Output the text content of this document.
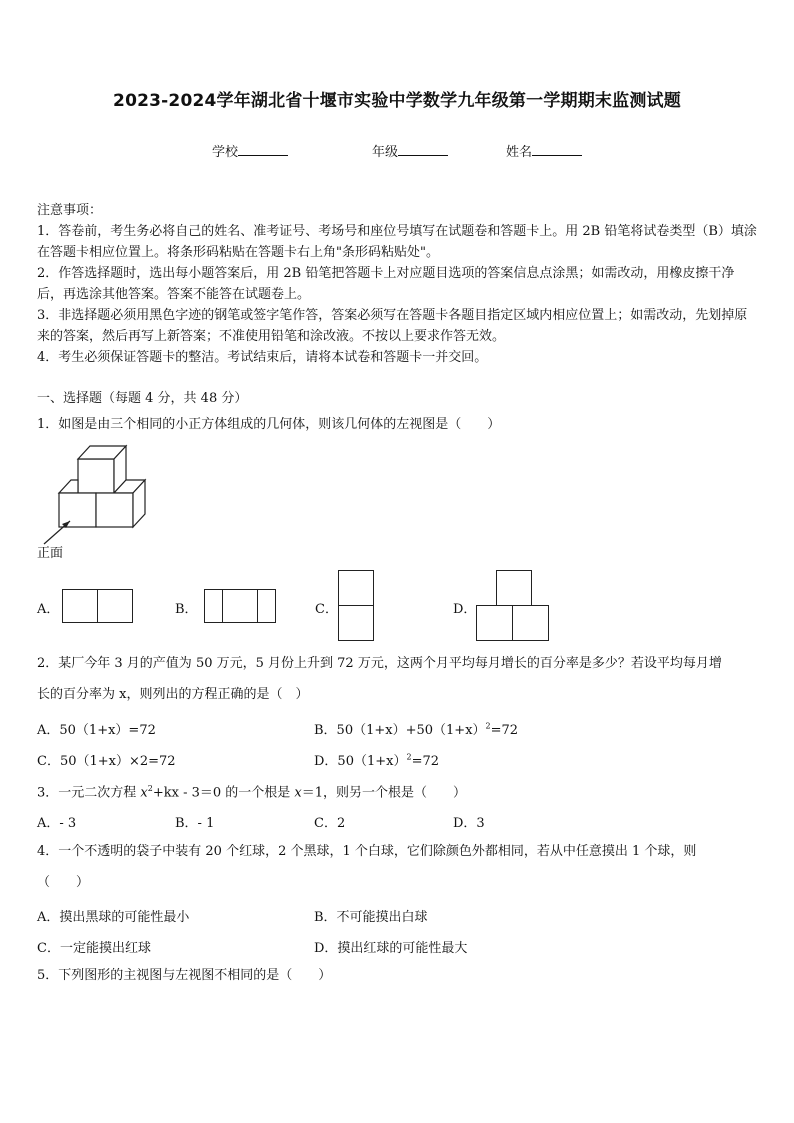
2023-2024学年湖北省十堰市实验中学数学九年级第一学期期末监测试题
学校	年级	姓名
注意事项：
1．答卷前，考生务必将自己的姓名、准考证号、考场号和座位号填写在试题卷和答题卡上。用 2B 铅笔将试卷类型（B）填涂在答题卡相应位置上。将条形码粘贴在答题卡右上角"条形码粘贴处"。
2．作答选择题时，选出每小题答案后，用 2B 铅笔把答题卡上对应题目选项的答案信息点涂黑；如需改动，用橡皮擦干净后，再选涂其他答案。答案不能答在试题卷上。
3．非选择题必须用黑色字迹的钢笔或签字笔作答，答案必须写在答题卡各题目指定区域内相应位置上；如需改动，先划掉原来的答案，然后再写上新答案；不准使用铅笔和涂改液。不按以上要求作答无效。
4．考生必须保证答题卡的整洁。考试结束后，请将本试卷和答题卡一并交回。
一、选择题（每题 4 分，共 48 分）
1．如图是由三个相同的小正方体组成的几何体，则该几何体的左视图是（　　）
正面
A．	B．	C．	D．
2．某厂今年 3 月的产值为 50 万元，5 月份上升到 72 万元，这两个月平均每月增长的百分率是多少？若设平均每月增
长的百分率为 x，则列出的方程正确的是（　）
A．50（1+x）=72	B．$50(1+x)+50(1+x)^2=72$
C．50（1+x）×2=72	D．$50(1+x)^2=72$
3．一元二次方程 $x^2+kx - 3=0$ 的一个根是 x＝1，则另一个根是（　　）
A．- 3	B．- 1	C．2	D．3
4．一个不透明的袋子中装有 20 个红球，2 个黑球，1 个白球，它们除颜色外都相同，若从中任意摸出 1 个球，则
（　　）
A．摸出黑球的可能性最小	B．不可能摸出白球
C．一定能摸出红球	D．摸出红球的可能性最大
5．下列图形的主视图与左视图不相同的是（　　）
